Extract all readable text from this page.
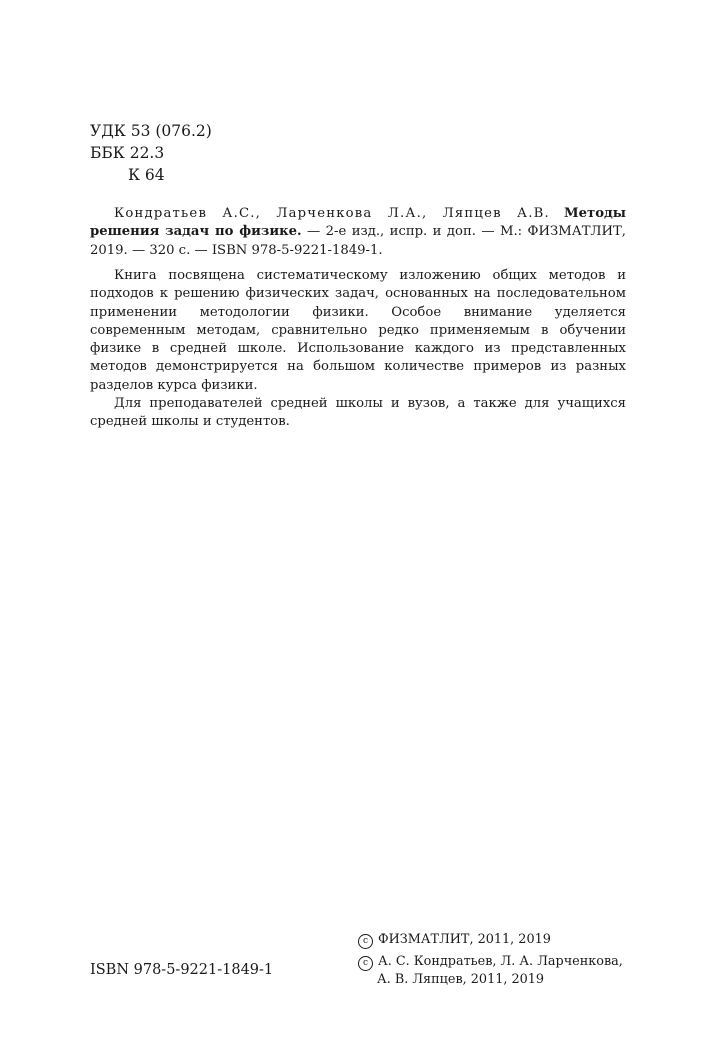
УДК 53 (076.2)
ББК 22.3
К 64

Кондратьев А.С., Ларченкова Л.А., Ляпцев А.В. Методы решения задач по физике. — 2-е изд., испр. и доп. — М.: ФИЗМАТЛИТ, 2019. — 320 с. — ISBN 978-5-9221-1849-1.

Книга посвящена систематическому изложению общих методов и подходов к решению физических задач, основанных на последовательном применении методологии физики. Особое внимание уделяется современным методам, сравнительно редко применяемым в обучении физике в средней школе. Использование каждого из представленных методов демонстрируется на большом количестве примеров из разных разделов курса физики.

Для преподавателей средней школы и вузов, а также для учащихся средней школы и студентов.

ISBN 978-5-9221-1849-1
c ФИЗМАТЛИТ, 2011, 2019
c А. С. Кондратьев, Л. А. Ларченкова,
А. В. Ляпцев, 2011, 2019
